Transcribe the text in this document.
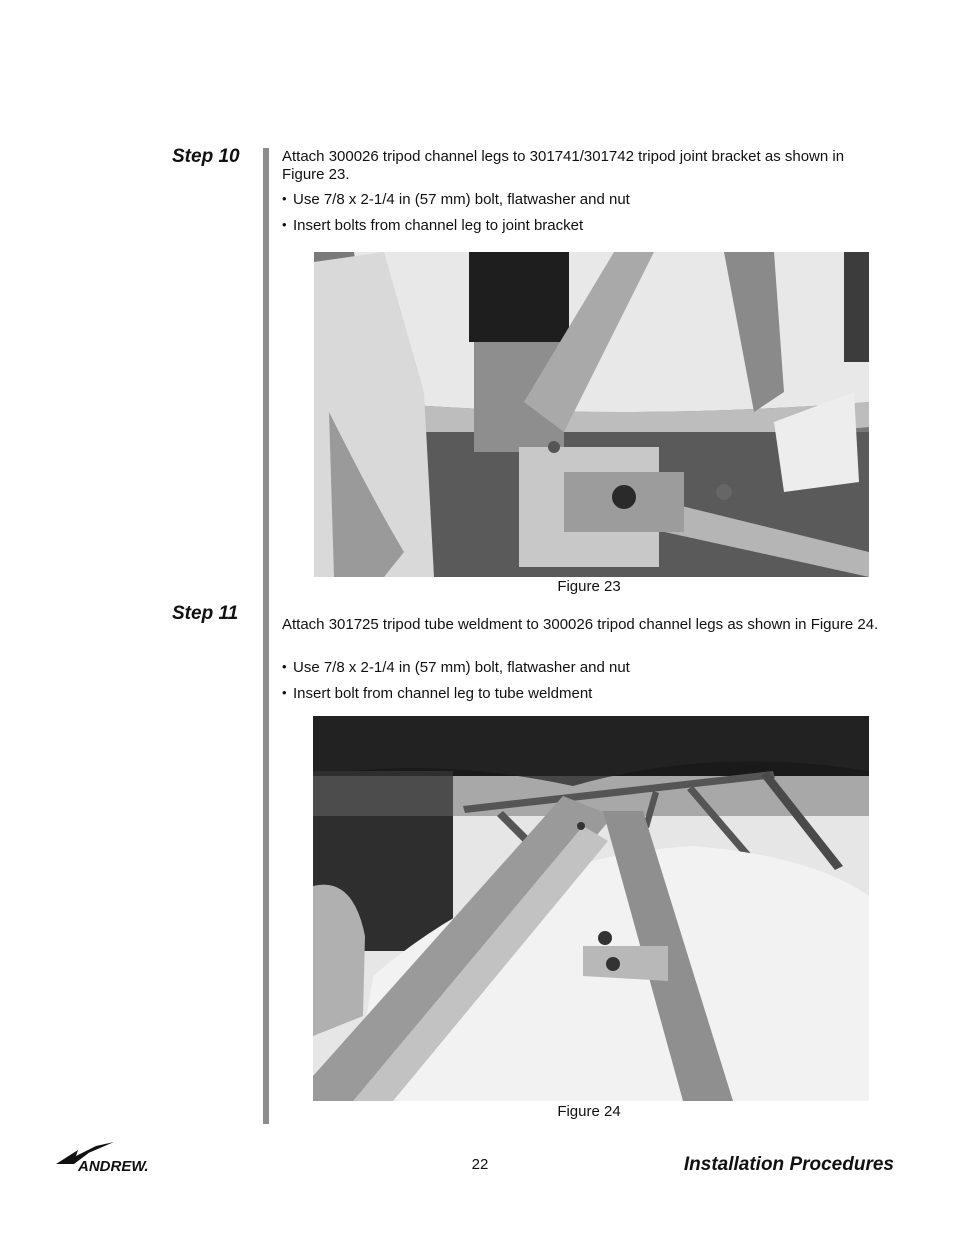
Step 10	Attach 300026 tripod channel legs to 301741/301742 tripod joint bracket as shown in Figure 23.
• Use 7/8 x 2-1/4 in (57 mm) bolt, flatwasher and nut
• Insert bolts from channel leg to joint bracket
Figure 23
Step 11
Attach 301725 tripod tube weldment to 300026 tripod channel legs as shown in Figure 24.
• Use 7/8 x 2-1/4 in (57 mm) bolt, flatwasher and nut
• Insert bolt from channel leg to tube weldment
Figure 24
ANDREW.	22	Installation Procedures
